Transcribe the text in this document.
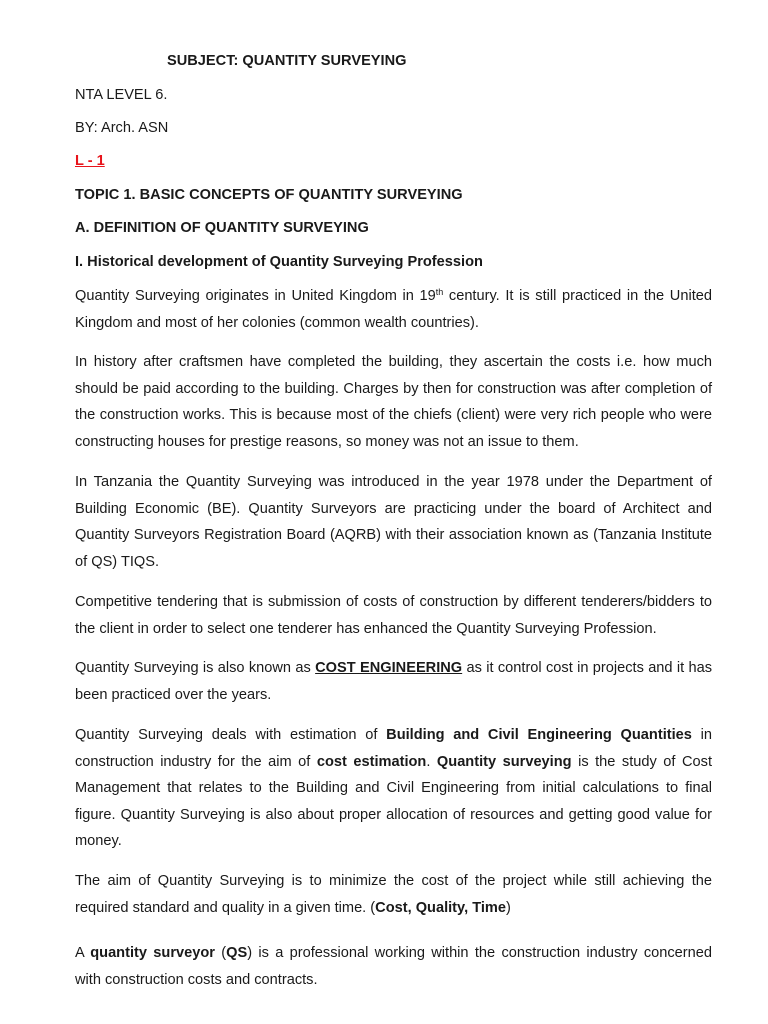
SUBJECT: QUANTITY SURVEYING
NTA LEVEL 6.
BY: Arch. ASN
L - 1
TOPIC 1. BASIC CONCEPTS OF QUANTITY SURVEYING
A. DEFINITION OF QUANTITY SURVEYING
I. Historical development of Quantity Surveying Profession

Quantity Surveying originates in United Kingdom in 19th century. It is still practiced in the United Kingdom and most of her colonies (common wealth countries).

In history after craftsmen have completed the building, they ascertain the costs i.e. how much should be paid according to the building. Charges by then for construction was after completion of the construction works. This is because most of the chiefs (client) were very rich people who were constructing houses for prestige reasons, so money was not an issue to them.

In Tanzania the Quantity Surveying was introduced in the year 1978 under the Department of Building Economic (BE). Quantity Surveyors are practicing under the board of Architect and Quantity Surveyors Registration Board (AQRB) with their association known as (Tanzania Institute of QS) TIQS.

Competitive tendering that is submission of costs of construction by different tenderers/bidders to the client in order to select one tenderer has enhanced the Quantity Surveying Profession.

Quantity Surveying is also known as COST ENGINEERING as it control cost in projects and it has been practiced over the years.

Quantity Surveying deals with estimation of Building and Civil Engineering Quantities in construction industry for the aim of cost estimation. Quantity surveying is the study of Cost Management that relates to the Building and Civil Engineering from initial calculations to final figure. Quantity Surveying is also about proper allocation of resources and getting good value for money.

The aim of Quantity Surveying is to minimize the cost of the project while still achieving the required standard and quality in a given time. (Cost, Quality, Time)

A quantity surveyor (QS) is a professional working within the construction industry concerned with construction costs and contracts.
